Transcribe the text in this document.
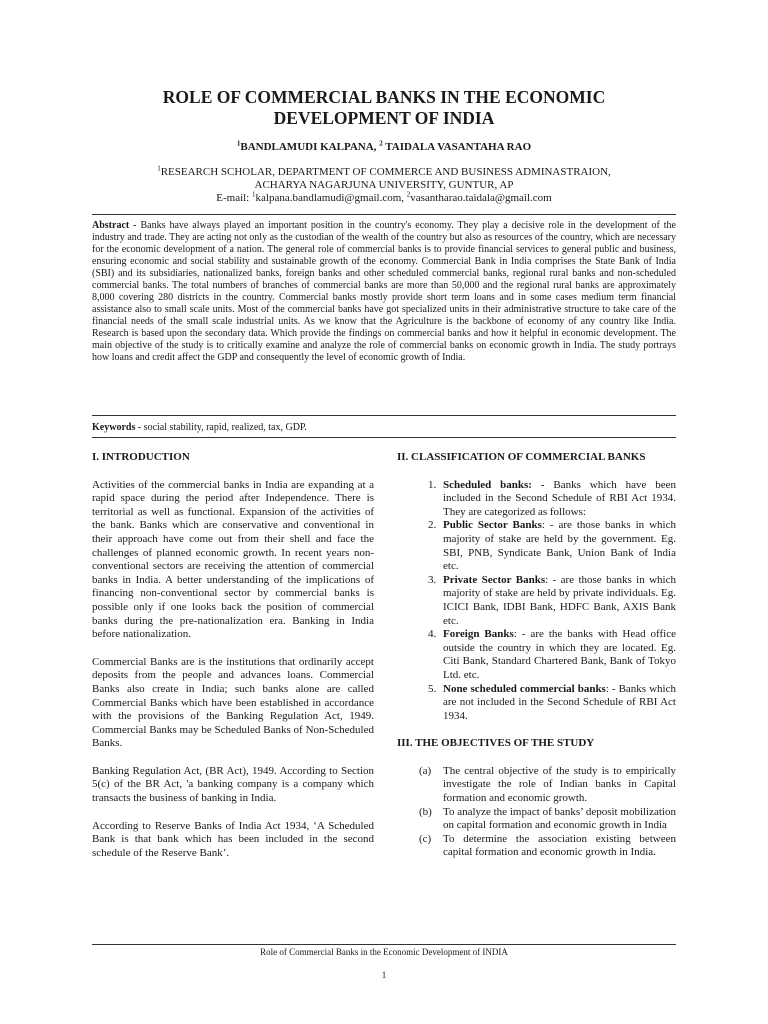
ROLE OF COMMERCIAL BANKS IN THE ECONOMIC
DEVELOPMENT OF INDIA
$^1$BANDLAMUDI KALPANA, $^2$ TAIDALA VASANTAHA RAO
$^1$RESEARCH SCHOLAR, DEPARTMENT OF COMMERCE AND BUSINESS ADMINASTRAION,
ACHARYA NAGARJUNA UNIVERSITY, GUNTUR, AP
E-mail: $^1$kalpana.bandlamudi@gmail.com, $^2$vasantharao.taidala@gmail.com
Abstract - Banks have always played an important position in the country's economy. They play a decisive role in the development of the industry and trade. They are acting not only as the custodian of the wealth of the country but also as resources of the country, which are necessary for the economic development of a nation. The general role of commercial banks is to provide financial services to general public and business, ensuring economic and social stability and sustainable growth of the economy. Commercial Bank in India comprises the State Bank of India (SBI) and its subsidiaries, nationalized banks, foreign banks and other scheduled commercial banks, regional rural banks and non-scheduled commercial banks. The total numbers of branches of commercial banks are more than 50,000 and the regional rural banks are approximately 8,000 covering 280 districts in the country. Commercial banks mostly provide short term loans and in some cases medium term financial assistance also to small scale units. Most of the commercial banks have got specialized units in their administrative structure to take care of the financial needs of the small scale industrial units. As we know that the Agriculture is the backbone of economy of any country like India. Research is based upon the secondary data. Which provide the findings on commercial banks and how it helpful in economic development. The main objective of the study is to critically examine and analyze the role of commercial banks on economic growth in India. The study portrays how loans and credit affect the GDP and consequently the level of economic growth of India.
Keywords - social stability, rapid, realized, tax, GDP.
I. INTRODUCTION

Activities of the commercial banks in India are expanding at a rapid space during the period after Independence. There is territorial as well as functional. Expansion of the activities of the bank. Banks which are conservative and conventional in their approach have come out from their shell and face the challenges of planned economic growth. In recent years non-conventional sectors are receiving the attention of commercial banks in India. A better understanding of the implications of financing non-conventional sector by commercial banks is possible only if one looks back the position of commercial banks during the pre-nationalization era. Banking in India before nationalization.

Commercial Banks are is the institutions that ordinarily accept deposits from the people and advances loans. Commercial Banks also create in India; such banks alone are called Commercial Banks which have been established in accordance with the provisions of the Banking Regulation Act, 1949. Commercial Banks may be Scheduled Banks of Non-Scheduled Banks.

Banking Regulation Act, (BR Act), 1949. According to Section 5(c) of the BR Act, 'a banking company is a company which transacts the business of banking in India.

According to Reserve Banks of India Act 1934, ‘A Scheduled Bank is that bank which has been included in the second schedule of the Reserve Bank’.

II. CLASSIFICATION OF COMMERCIAL BANKS
1. Scheduled banks: - Banks which have been included in the Second Schedule of RBI Act 1934. They are categorized as follows:
2. Public Sector Banks: - are those banks in which majority of stake are held by the government. Eg. SBI, PNB, Syndicate Bank, Union Bank of India etc.
3. Private Sector Banks: - are those banks in which majority of stake are held by private individuals. Eg. ICICI Bank, IDBI Bank, HDFC Bank, AXIS Bank etc.
4. Foreign Banks: - are the banks with Head office outside the country in which they are located. Eg. Citi Bank, Standard Chartered Bank, Bank of Tokyo Ltd. etc.
5. None scheduled commercial banks: - Banks which are not included in the Second Schedule of RBI Act 1934.
III. THE OBJECTIVES OF THE STUDY
(a) The central objective of the study is to empirically investigate the role of Indian banks in Capital formation and economic growth.
(b) To analyze the impact of banks’ deposit mobilization on capital formation and economic growth in India
(c) To determine the association existing between capital formation and economic growth in India.
Role of Commercial Banks in the Economic Development of INDIA
1
